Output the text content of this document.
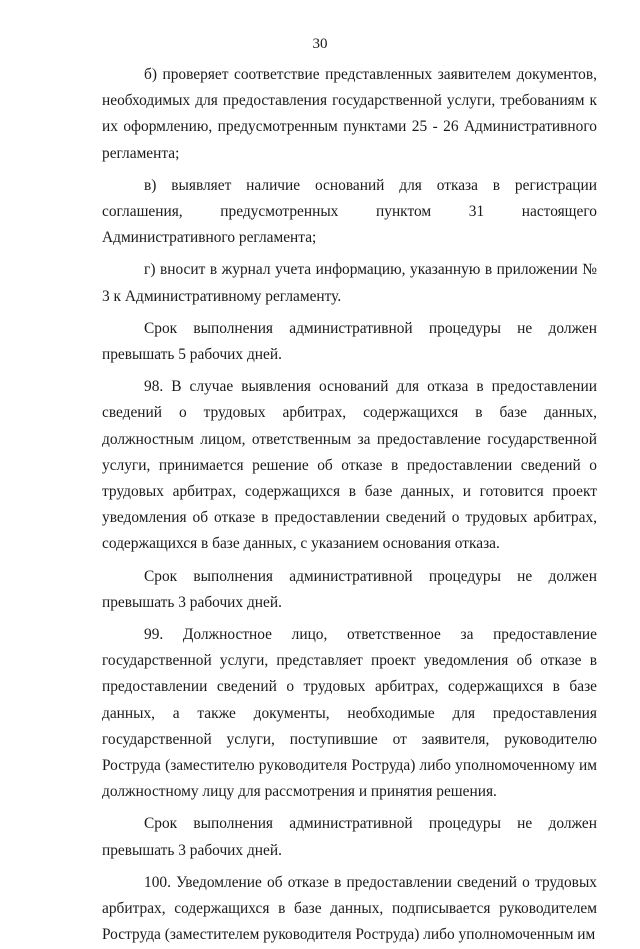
30

б) проверяет соответствие представленных заявителем документов, необходимых для предоставления государственной услуги, требованиям к их оформлению, предусмотренным пунктами 25 - 26 Административного регламента;

в) выявляет наличие оснований для отказа в регистрации соглашения, предусмотренных пунктом 31 настоящего Административного регламента;

г) вносит в журнал учета информацию, указанную в приложении № 3 к Административному регламенту.

Срок выполнения административной процедуры не должен превышать 5 рабочих дней.

98. В случае выявления оснований для отказа в предоставлении сведений о трудовых арбитрах, содержащихся в базе данных, должностным лицом, ответственным за предоставление государственной услуги, принимается решение об отказе в предоставлении сведений о трудовых арбитрах, содержащихся в базе данных, и готовится проект уведомления об отказе в предоставлении сведений о трудовых арбитрах, содержащихся в базе данных, с указанием основания отказа.

Срок выполнения административной процедуры не должен превышать 3 рабочих дней.

99. Должностное лицо, ответственное за предоставление государственной услуги, представляет проект уведомления об отказе в предоставлении сведений о трудовых арбитрах, содержащихся в базе данных, а также документы, необходимые для предоставления государственной услуги, поступившие от заявителя, руководителю Роструда (заместителю руководителя Роструда) либо уполномоченному им должностному лицу для рассмотрения и принятия решения.

Срок выполнения административной процедуры не должен превышать 3 рабочих дней.

100. Уведомление об отказе в предоставлении сведений о трудовых арбитрах, содержащихся в базе данных, подписывается руководителем Роструда (заместителем руководителя Роструда) либо уполномоченным им
